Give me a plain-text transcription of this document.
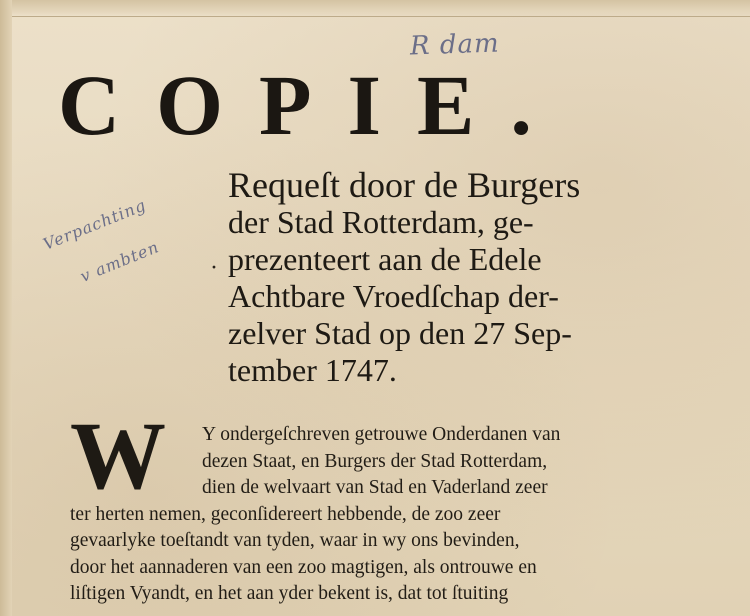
R dam
Verpachting
v ambten
COPIE.
·
Requeſt door de Burgers
der Stad Rotterdam, ge-
prezenteert aan de Edele
Achtbare Vroedſchap der-
zelver Stad op den 27 Sep-
tember 1747.
W	Y ondergeſchreven getrouwe Onderdanen van
dezen Staat, en Burgers der Stad Rotterdam,
dien de welvaart van Stad en Vaderland zeer
ter herten nemen, geconſidereert hebbende, de zoo zeer
gevaarlyke toeſtandt van tyden, waar in wy ons bevinden,
door het aannaderen van een zoo magtigen, als ontrouwe en
liſtigen Vyandt, en het aan yder bekent is, dat tot ſtuiting
